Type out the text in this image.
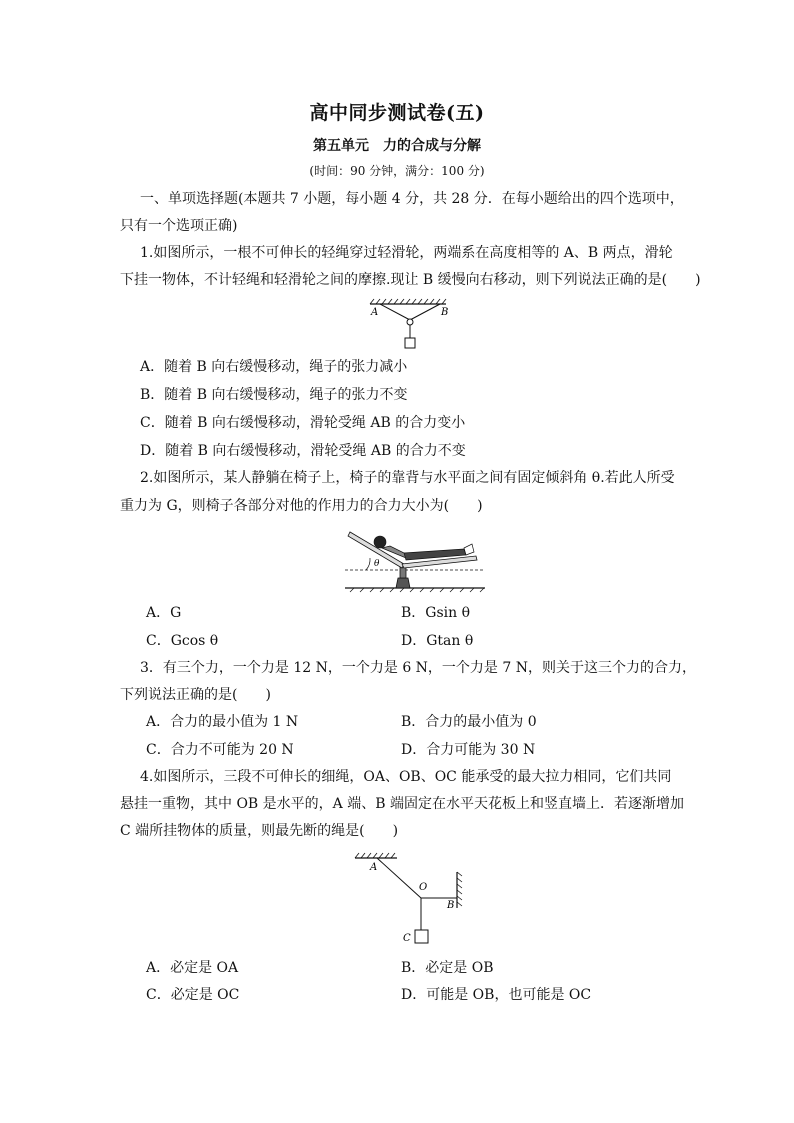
高中同步测试卷(五)
第五单元　力的合成与分解
(时间：90 分钟，满分：100 分)
一、单项选择题(本题共 7 小题，每小题 4 分，共 28 分．在每小题给出的四个选项中，
只有一个选项正确)
1.如图所示，一根不可伸长的轻绳穿过轻滑轮，两端系在高度相等的 A、B 两点，滑轮
下挂一物体，不计轻绳和轻滑轮之间的摩擦.现让 B 缓慢向右移动，则下列说法正确的是(　　)
A	B
A．随着 B 向右缓慢移动，绳子的张力减小
B．随着 B 向右缓慢移动，绳子的张力不变
C．随着 B 向右缓慢移动，滑轮受绳 AB 的合力变小
D．随着 B 向右缓慢移动，滑轮受绳 AB 的合力不变
2.如图所示，某人静躺在椅子上，椅子的靠背与水平面之间有固定倾斜角 θ.若此人所受
重力为 G，则椅子各部分对他的作用力的合力大小为(　　)
θ
A．G	B．Gsin θ
C．Gcos θ	D．Gtan θ
3．有三个力，一个力是 12 N，一个力是 6 N，一个力是 7 N，则关于这三个力的合力，
下列说法正确的是(　　)
A．合力的最小值为 1 N	B．合力的最小值为 0
C．合力不可能为 20 N	D．合力可能为 30 N
4.如图所示，三段不可伸长的细绳，OA、OB、OC 能承受的最大拉力相同，它们共同
悬挂一重物，其中 OB 是水平的，A 端、B 端固定在水平天花板上和竖直墙上．若逐渐增加
C 端所挂物体的质量，则最先断的绳是(　　)
A
O
B
C
A．必定是 OA	B．必定是 OB
C．必定是 OC	D．可能是 OB，也可能是 OC
